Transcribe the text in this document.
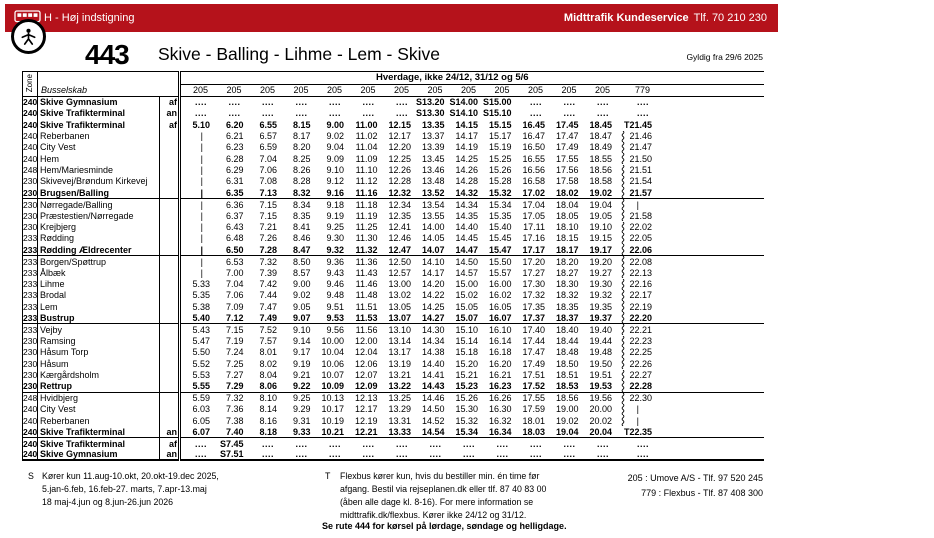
H - Høj indstigning	Midttrafik Kundeservice Tlf. 70 210 230
443 Skive - Balling - Lihme - Lem - Skive	Gyldig fra 29/6 2025
Zone			Hverdage, ikke 24/12, 31/12 og 5/6														
	Busselskab		205	205	205	205	205	205	205	205	205	205	205	205	205	779	
240	Skive Gymnasium	af	....	....	....	....	....	....	....	S13.20	S14.00	S15.00	....	....	....	....	
240	Skive Trafikterminal	an	....	....	....	....	....	....	....	S13.30	S14.10	S15.10	....	....	....	....	
240	Skive Trafikterminal	af	5.10	6.20	6.55	8.15	9.00	11.00	12.15	13.35	14.15	15.15	16.45	17.45	18.45	T21.45	
240	Reberbanen		|	6.21	6.57	8.17	9.02	11.02	12.17	13.37	14.17	15.17	16.47	17.47	18.47	21.46	

240	City Vest		|	6.23	6.59	8.20	9.04	11.04	12.20	13.39	14.19	15.19	16.50	17.49	18.49	21.47	

240	Hem		|	6.28	7.04	8.25	9.09	11.09	12.25	13.45	14.25	15.25	16.55	17.55	18.55	21.50	

248	Hem/Mariesminde		|	6.29	7.06	8.26	9.10	11.10	12.26	13.46	14.26	15.26	16.56	17.56	18.56	21.51	

230	Skivevej/Brøndum Kirkevej		|	6.31	7.08	8.28	9.12	11.12	12.28	13.48	14.28	15.28	16.58	17.58	18.58	21.54	

230	Brugsen/Balling		|	6.35	7.13	8.32	9.16	11.16	12.32	13.52	14.32	15.32	17.02	18.02	19.02	21.57	

230	Nørregade/Balling		|	6.36	7.15	8.34	9.18	11.18	12.34	13.54	14.34	15.34	17.04	18.04	19.04	|	

230	Præstestien/Nørregade		|	6.37	7.15	8.35	9.19	11.19	12.35	13.55	14.35	15.35	17.05	18.05	19.05	21.58	

230	Krejbjerg		|	6.43	7.21	8.41	9.25	11.25	12.41	14.00	14.40	15.40	17.11	18.10	19.10	22.02	

233	Rødding		|	6.48	7.26	8.46	9.30	11.30	12.46	14.05	14.45	15.45	17.16	18.15	19.15	22.05	

233	Rødding Ældrecenter		|	6.50	7.28	8.47	9.32	11.32	12.47	14.07	14.47	15.47	17.17	18.17	19.17	22.06	

233	Borgen/Spøttrup		|	6.53	7.32	8.50	9.36	11.36	12.50	14.10	14.50	15.50	17.20	18.20	19.20	22.08	

233	Ålbæk		|	7.00	7.39	8.57	9.43	11.43	12.57	14.17	14.57	15.57	17.27	18.27	19.27	22.13	

233	Lihme		5.33	7.04	7.42	9.00	9.46	11.46	13.00	14.20	15.00	16.00	17.30	18.30	19.30	22.16	

233	Brodal		5.35	7.06	7.44	9.02	9.48	11.48	13.02	14.22	15.02	16.02	17.32	18.32	19.32	22.17	

233	Lem		5.38	7.09	7.47	9.05	9.51	11.51	13.05	14.25	15.05	16.05	17.35	18.35	19.35	22.19	

233	Bustrup		5.40	7.12	7.49	9.07	9.53	11.53	13.07	14.27	15.07	16.07	17.37	18.37	19.37	22.20	

233	Vejby		5.43	7.15	7.52	9.10	9.56	11.56	13.10	14.30	15.10	16.10	17.40	18.40	19.40	22.21	

230	Ramsing		5.47	7.19	7.57	9.14	10.00	12.00	13.14	14.34	15.14	16.14	17.44	18.44	19.44	22.23	

230	Håsum Torp		5.50	7.24	8.01	9.17	10.04	12.04	13.17	14.38	15.18	16.18	17.47	18.48	19.48	22.25	

230	Håsum		5.52	7.25	8.02	9.19	10.06	12.06	13.19	14.40	15.20	16.20	17.49	18.50	19.50	22.26	

230	Kærgårdsholm		5.53	7.27	8.04	9.21	10.07	12.07	13.21	14.41	15.21	16.21	17.51	18.51	19.51	22.27	

230	Rettrup		5.55	7.29	8.06	9.22	10.09	12.09	13.22	14.43	15.23	16.23	17.52	18.53	19.53	22.28	

248	Hvidbjerg		5.59	7.32	8.10	9.25	10.13	12.13	13.25	14.46	15.26	16.26	17.55	18.56	19.56	22.30	

240	City Vest		6.03	7.36	8.14	9.29	10.17	12.17	13.29	14.50	15.30	16.30	17.59	19.00	20.00	|	

240	Reberbanen		6.05	7.38	8.16	9.31	10.19	12.19	13.31	14.52	15.32	16.32	18.01	19.02	20.02	|	

240	Skive Trafikterminal	an	6.07	7.40	8.18	9.33	10.21	12.21	13.33	14.54	15.34	16.34	18.03	19.04	20.04	T22.35	
240	Skive Trafikterminal	af	....	S7.45	....	....	....	....	....	....	....	....	....	....	....	....	
240	Skive Gymnasium	an	....	S7.51	....	....	....	....	....	....	....	....	....	....	....	....	
S Kører kun 11.aug-10.okt, 20.okt-19.dec 2025,
5.jan-6.feb, 16.feb-27. marts, 7.apr-13.maj
18 maj-4.jun og 8.jun-26.jun 2026
T Flexbus kører kun, hvis du bestiller min. én time før
afgang. Bestil via rejseplanen.dk eller tlf. 87 40 83 00
(åben alle dage kl. 8-16). For mere information se
midttrafik.dk/flexbus. Kører ikke 24/12 og 31/12.
Se rute 444 for kørsel på lørdage, søndage og helligdage.
205 : Umove A/S - Tlf. 97 520 245
779 : Flexbus - Tlf. 87 408 300
